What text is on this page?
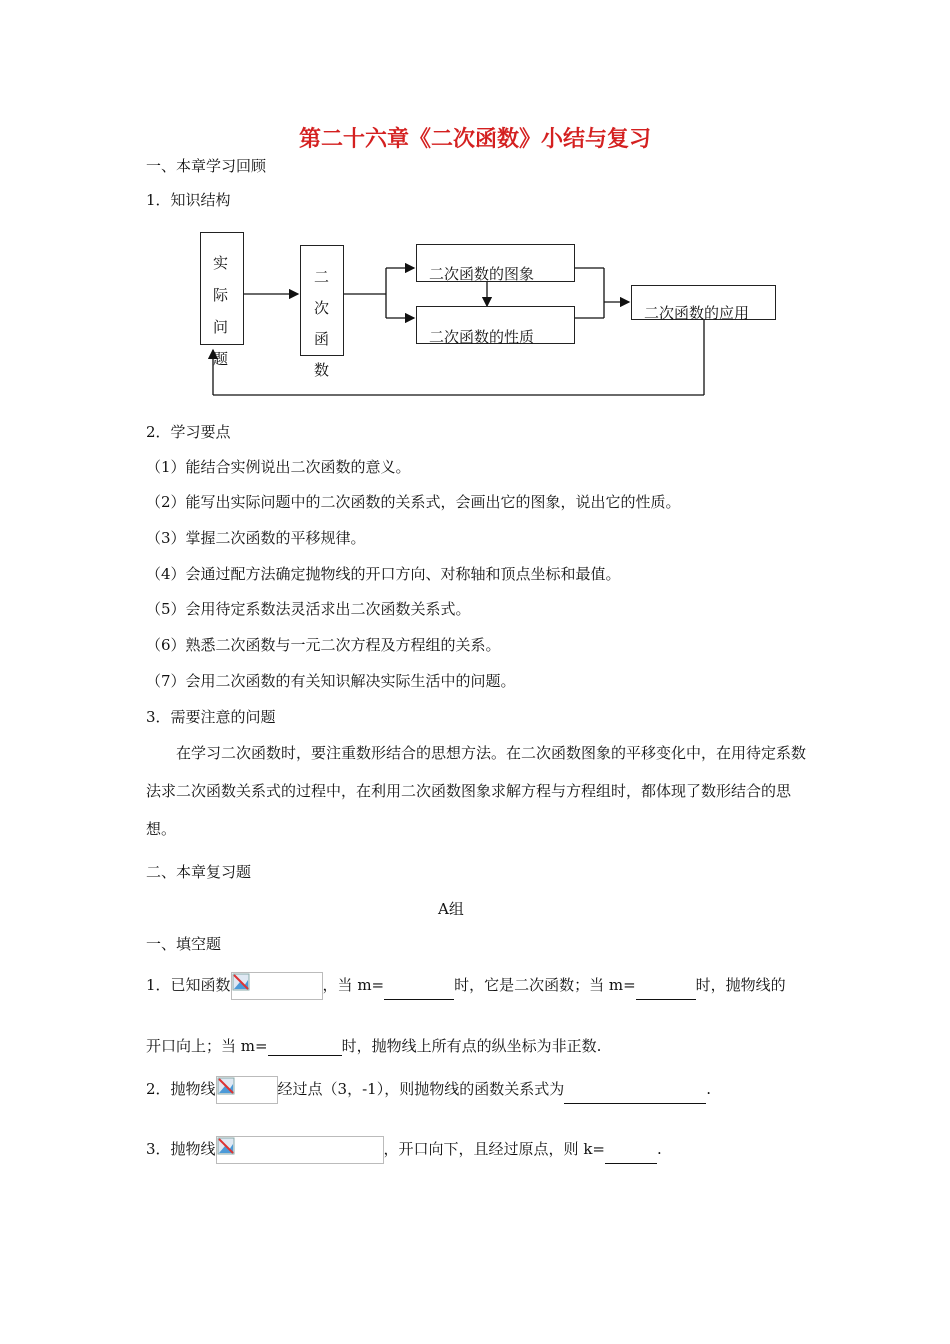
第二十六章《二次函数》小结与复习
一、本章学习回顾
1．知识结构
实
际
问
题
二
次
函
数
二次函数的图象
二次函数的性质
二次函数的应用
2．学习要点
（1）能结合实例说出二次函数的意义。
（2）能写出实际问题中的二次函数的关系式，会画出它的图象，说出它的性质。
（3）掌握二次函数的平移规律。
（4）会通过配方法确定抛物线的开口方向、对称轴和顶点坐标和最值。
（5）会用待定系数法灵活求出二次函数关系式。
（6）熟悉二次函数与一元二次方程及方程组的关系。
（7）会用二次函数的有关知识解决实际生活中的问题。
3．需要注意的问题
在学习二次函数时，要注重数形结合的思想方法。在二次函数图象的平移变化中，在用待定系数法求二次函数关系式的过程中，在利用二次函数图象求解方程与方程组时，都体现了数形结合的思想。
二、本章复习题
A组
一、填空题
1．已知函数	，当 m=	时，它是二次函数；当 m=	时，抛物线的
开口向上；当 m=	时，抛物线上所有点的纵坐标为非正数.
2．抛物线	经过点（3，-1），则抛物线的函数关系式为	.
3．抛物线	，开口向下，且经过原点，则 k=	.
